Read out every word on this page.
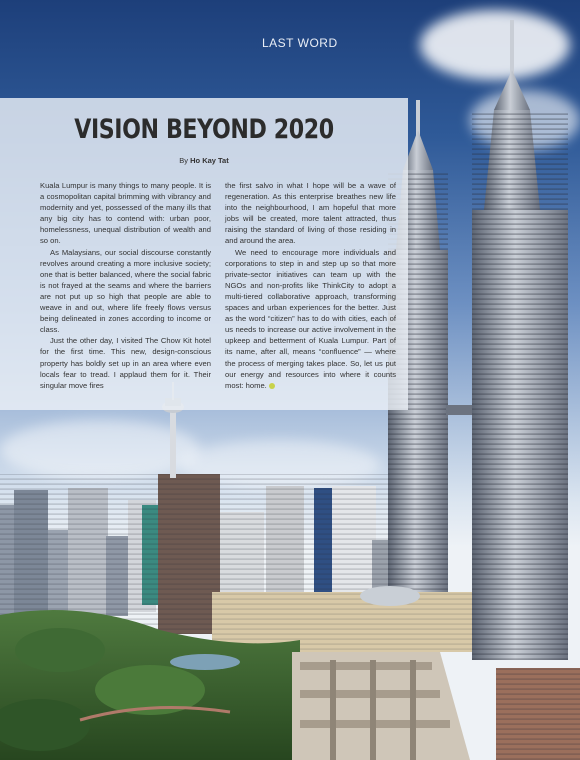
LAST WORD
VISION BEYOND 2020
By Ho Kay Tat

Kuala Lumpur is many things to many people. It is a cosmopolitan capital brimming with vibrancy and modernity and yet, possessed of the many ills that any big city has to contend with: urban poor, homelessness, unequal distribution of wealth and so on.

As Malaysians, our social discourse constantly revolves around creating a more inclusive society; one that is better balanced, where the social fabric is not frayed at the seams and where the barriers are not put up so high that people are able to weave in and out, where life freely flows versus being delineated in zones according to income or class.

Just the other day, I visited The Chow Kit hotel for the first time. This new, design-conscious property has boldly set up in an area where even locals fear to tread. I applaud them for it. Their singular move fires

the first salvo in what I hope will be a wave of regeneration. As this enterprise breathes new life into the neighbourhood, I am hopeful that more jobs will be created, more talent attracted, thus raising the standard of living of those residing in and around the area.

We need to encourage more individuals and corporations to step in and step up so that more private-sector initiatives can team up with the NGOs and non-profits like ThinkCity to adopt a multi-tiered collaborative approach, transforming spaces and urban experiences for the better. Just as the word “citizen” has to do with cities, each of us needs to increase our active involvement in the upkeep and betterment of Kuala Lumpur. Part of its name, after all, means “confluence” — where the process of merging takes place. So, let us put our energy and resources into where it counts most: home.
